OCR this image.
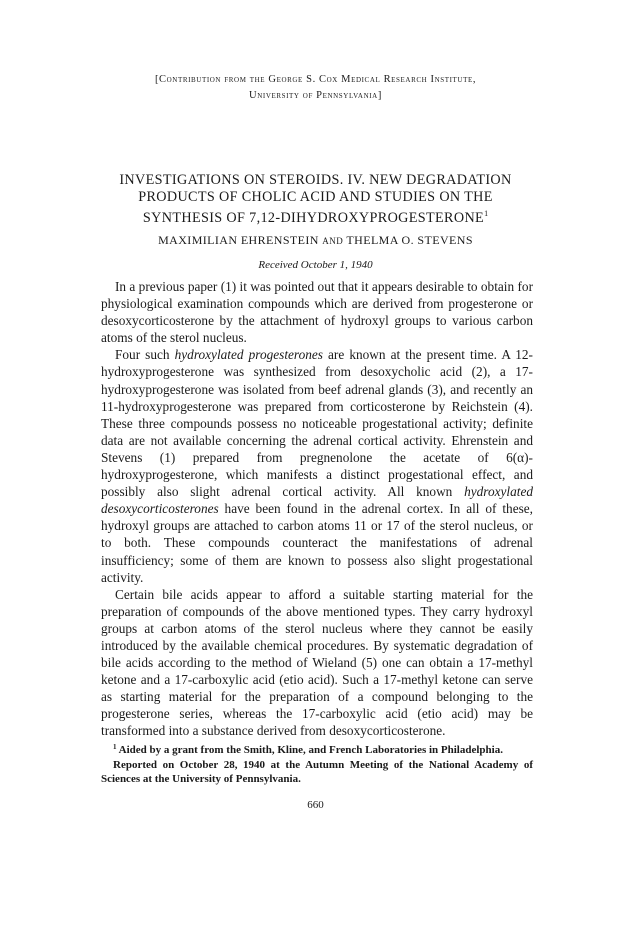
[Contribution from the George S. Cox Medical Research Institute,
University of Pennsylvania]
INVESTIGATIONS ON STEROIDS. IV. NEW DEGRADATION
PRODUCTS OF CHOLIC ACID AND STUDIES ON THE
SYNTHESIS OF 7,12-DIHYDROXYPROGESTERONE$^1$
MAXIMILIAN EHRENSTEIN AND THELMA O. STEVENS
Received October 1, 1940

In a previous paper (1) it was pointed out that it appears desirable to obtain for physiological examination compounds which are derived from progesterone or desoxycorticosterone by the attachment of hydroxyl groups to various carbon atoms of the sterol nucleus.

Four such hydroxylated progesterones are known at the present time. A 12-hydroxyprogesterone was synthesized from desoxycholic acid (2), a 17-hydroxyprogesterone was isolated from beef adrenal glands (3), and recently an 11-hydroxyprogesterone was prepared from corticosterone by Reichstein (4). These three compounds possess no noticeable progestational activity; definite data are not available concerning the adrenal cortical activity. Ehrenstein and Stevens (1) prepared from pregnenolone the acetate of 6(α)-hydroxyprogesterone, which manifests a distinct progestational effect, and possibly also slight adrenal cortical activity. All known hydroxylated desoxycorticosterones have been found in the adrenal cortex. In all of these, hydroxyl groups are attached to carbon atoms 11 or 17 of the sterol nucleus, or to both. These compounds counteract the manifestations of adrenal insufficiency; some of them are known to possess also slight progestational activity.

Certain bile acids appear to afford a suitable starting material for the preparation of compounds of the above mentioned types. They carry hydroxyl groups at carbon atoms of the sterol nucleus where they cannot be easily introduced by the available chemical procedures. By systematic degradation of bile acids according to the method of Wieland (5) one can obtain a 17-methyl ketone and a 17-carboxylic acid (etio acid). Such a 17-methyl ketone can serve as starting material for the preparation of a compound belonging to the progesterone series, whereas the 17-carboxylic acid (etio acid) may be transformed into a substance derived from desoxycorticosterone.

$^1$ Aided by a grant from the Smith, Kline, and French Laboratories in Philadelphia.

Reported on October 28, 1940 at the Autumn Meeting of the National Academy of Sciences at the University of Pennsylvania.

660
